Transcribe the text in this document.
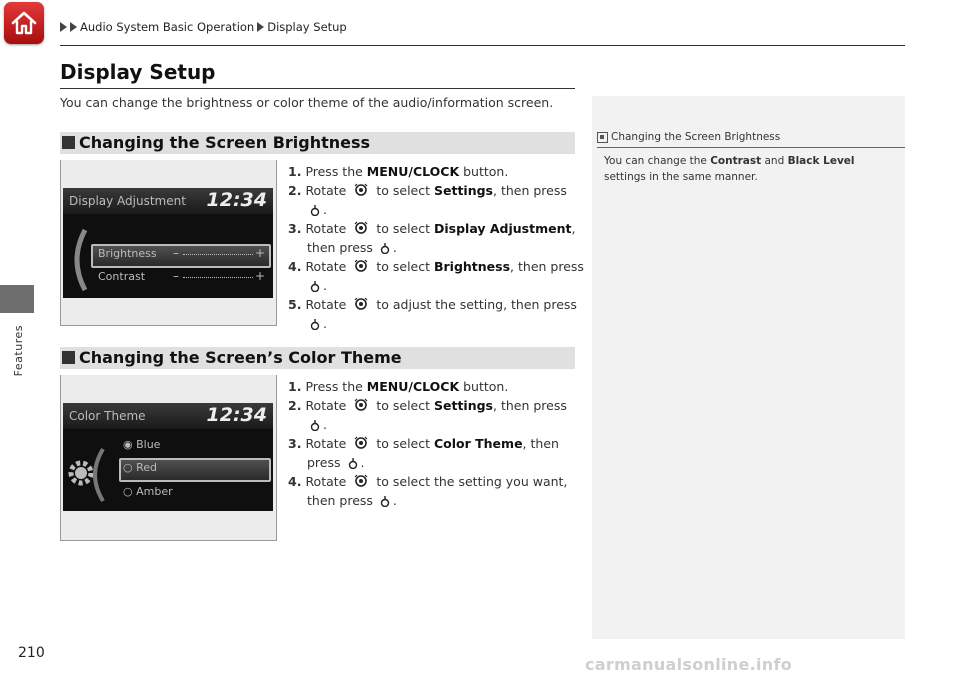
Features
Audio System Basic Operation Display Setup
Display Setup
You can change the brightness or color theme of the audio/information screen.
Changing the Screen Brightness
Display Adjustment 12:34
Brightness
Contrast
–	+
–	+
1. Press the MENU/CLOCK button.
2. Rotate to select Settings, then press
.
3. Rotate to select Display Adjustment,
then press .
4. Rotate to select Brightness, then press
.
5. Rotate to adjust the setting, then press
.
Changing the Screen’s Color Theme
Color Theme	12:34
◉ Blue
○ Red
○ Amber
1. Press the MENU/CLOCK button.
2. Rotate to select Settings, then press
.
3. Rotate to select Color Theme, then
press .
4. Rotate to select the setting you want,
then press .
Changing the Screen Brightness
You can change the Contrast and Black Level
settings in the same manner.
210
carmanualsonline.info
